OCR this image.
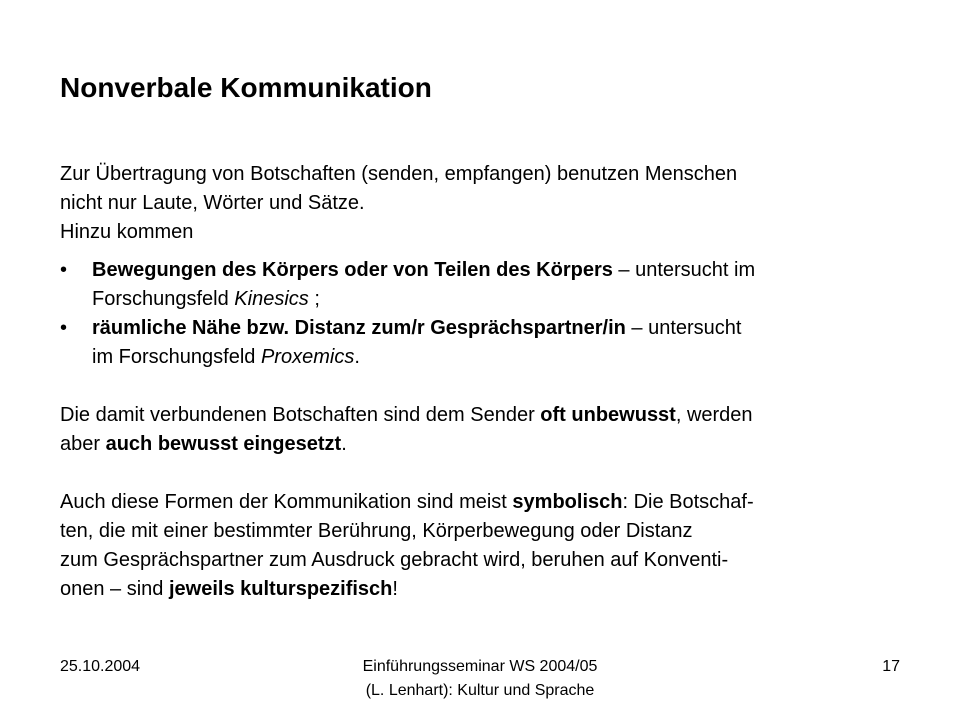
Nonverbale Kommunikation
Zur Übertragung von Botschaften (senden, empfangen) benutzen Menschen
nicht nur Laute, Wörter und Sätze.
Hinzu kommen
• Bewegungen des Körpers oder von Teilen des Körpers – untersucht im
Forschungsfeld Kinesics ;
• räumliche Nähe bzw. Distanz zum/r Gesprächspartner/in – untersucht
im Forschungsfeld Proxemics.
Die damit verbundenen Botschaften sind dem Sender oft unbewusst, werden
aber auch bewusst eingesetzt.
Auch diese Formen der Kommunikation sind meist symbolisch: Die Botschaf-
ten, die mit einer bestimmter Berührung, Körperbewegung oder Distanz
zum Gesprächspartner zum Ausdruck gebracht wird, beruhen auf Konventi-
onen – sind jeweils kulturspezifisch!
25.10.2004	Einführungsseminar WS 2004/05
(L. Lenhart): Kultur und Sprache
17
